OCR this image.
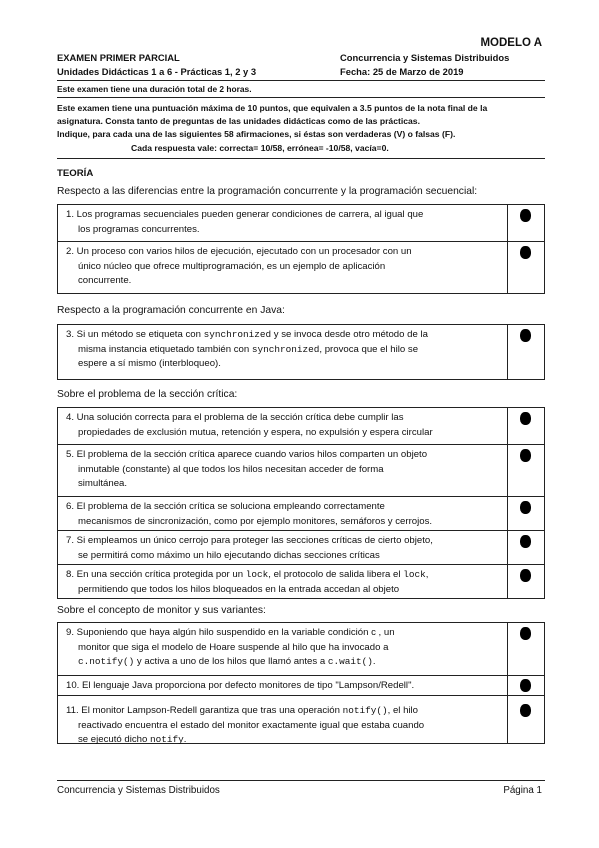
MODELO A
EXAMEN PRIMER PARCIAL	Concurrencia y Sistemas Distribuidos
Unidades Didácticas 1 a 6 - Prácticas 1, 2 y 3	Fecha: 25 de Marzo de 2019
Este examen tiene una duración total de 2 horas.
Este examen tiene una puntuación máxima de 10 puntos, que equivalen a 3.5 puntos de la nota final de la
asignatura. Consta tanto de preguntas de las unidades didácticas como de las prácticas.
Indique, para cada una de las siguientes 58 afirmaciones, si éstas son verdaderas (V) o falsas (F).
Cada respuesta vale: correcta= 10/58, errónea= -10/58, vacía=0.
TEORÍA
Respecto a las diferencias entre la programación concurrente y la programación secuencial:
1. Los programas secuenciales pueden generar condiciones de carrera, al igual que
los programas concurrentes.
2. Un proceso con varios hilos de ejecución, ejecutado con un procesador con un
único núcleo que ofrece multiprogramación, es un ejemplo de aplicación
concurrente.
Respecto a la programación concurrente en Java:
3. Si un método se etiqueta con synchronized y se invoca desde otro método de la
misma instancia etiquetado también con synchronized, provoca que el hilo se
espere a sí mismo (interbloqueo).
Sobre el problema de la sección crítica:
4. Una solución correcta para el problema de la sección crítica debe cumplir las
propiedades de exclusión mutua, retención y espera, no expulsión y espera circular
5. El problema de la sección crítica aparece cuando varios hilos comparten un objeto
inmutable (constante) al que todos los hilos necesitan acceder de forma
simultánea.
6. El problema de la sección crítica se soluciona empleando correctamente
mecanismos de sincronización, como por ejemplo monitores, semáforos y cerrojos.
7. Si empleamos un único cerrojo para proteger las secciones críticas de cierto objeto,
se permitirá como máximo un hilo ejecutando dichas secciones críticas
8. En una sección crítica protegida por un lock, el protocolo de salida libera el lock,
permitiendo que todos los hilos bloqueados en la entrada accedan al objeto
Sobre el concepto de monitor y sus variantes:
9. Suponiendo que haya algún hilo suspendido en la variable condición c , un
monitor que siga el modelo de Hoare suspende al hilo que ha invocado a
c.notify() y activa a uno de los hilos que llamó antes a c.wait().
10. El lenguaje Java proporciona por defecto monitores de tipo "Lampson/Redell".
11. El monitor Lampson-Redell garantiza que tras una operación notify(), el hilo
reactivado encuentra el estado del monitor exactamente igual que estaba cuando
se ejecutó dicho notify.
Concurrencia y Sistemas Distribuidos	Página 1
